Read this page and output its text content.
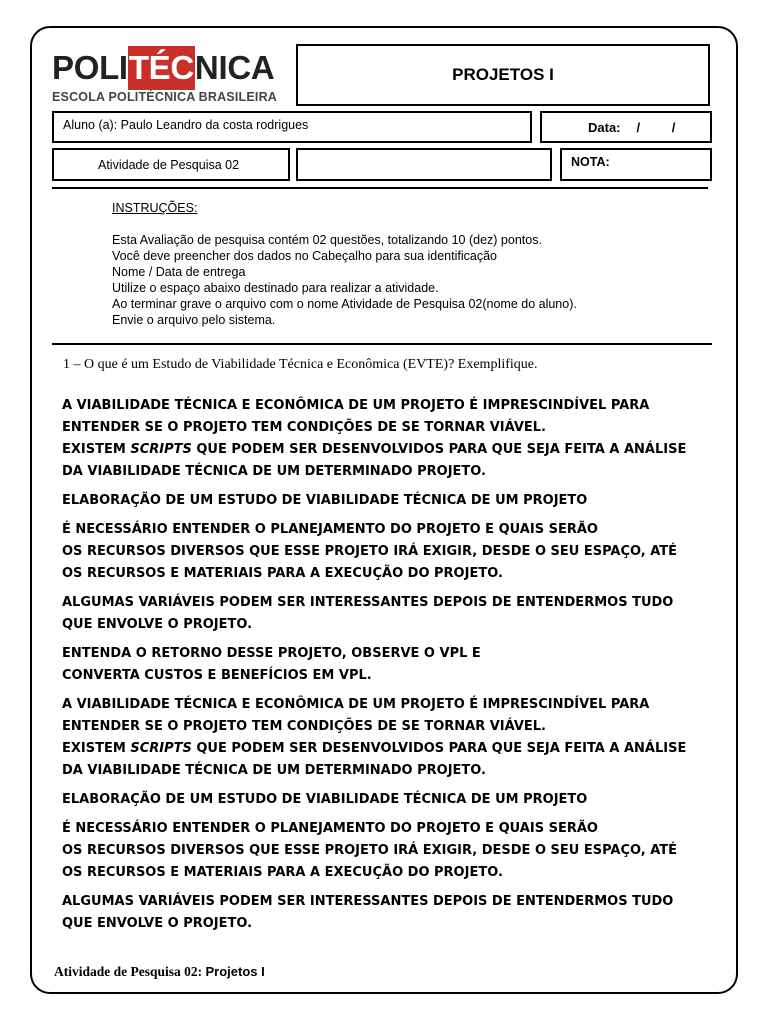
POLITÉCNICA
ESCOLA POLITÉCNICA BRASILEIRA
PROJETOS I
Aluno (a): Paulo Leandro da costa rodrigues	Data: / /
Atividade de Pesquisa 02	NOTA:
INSTRUÇÕES:
Esta Avaliação de pesquisa contém 02 questões, totalizando 10 (dez) pontos.
Você deve preencher dos dados no Cabeçalho para sua identificação
Nome / Data de entrega
Utilize o espaço abaixo destinado para realizar a atividade.
Ao terminar grave o arquivo com o nome Atividade de Pesquisa 02(nome do aluno).
Envie o arquivo pelo sistema.
1 – O que é um Estudo de Viabilidade Técnica e Econômica (EVTE)? Exemplifique.
A VIABILIDADE TÉCNICA E ECONÔMICA DE UM PROJETO É IMPRESCINDÍVEL PARA
ENTENDER SE O PROJETO TEM CONDIÇÕES DE SE TORNAR VIÁVEL.
EXISTEM SCRIPTS QUE PODEM SER DESENVOLVIDOS PARA QUE SEJA FEITA A ANÁLISE
DA VIABILIDADE TÉCNICA DE UM DETERMINADO PROJETO.
ELABORAÇÃO DE UM ESTUDO DE VIABILIDADE TÉCNICA DE UM PROJETO
É NECESSÁRIO ENTENDER O PLANEJAMENTO DO PROJETO E QUAIS SERÃO
OS RECURSOS DIVERSOS QUE ESSE PROJETO IRÁ EXIGIR, DESDE O SEU ESPAÇO, ATÉ
OS RECURSOS E MATERIAIS PARA A EXECUÇÃO DO PROJETO.
ALGUMAS VARIÁVEIS PODEM SER INTERESSANTES DEPOIS DE ENTENDERMOS TUDO
QUE ENVOLVE O PROJETO.
ENTENDA O RETORNO DESSE PROJETO, OBSERVE O VPL E
CONVERTA CUSTOS E BENEFÍCIOS EM VPL.
A VIABILIDADE TÉCNICA E ECONÔMICA DE UM PROJETO É IMPRESCINDÍVEL PARA
ENTENDER SE O PROJETO TEM CONDIÇÕES DE SE TORNAR VIÁVEL.
EXISTEM SCRIPTS QUE PODEM SER DESENVOLVIDOS PARA QUE SEJA FEITA A ANÁLISE
DA VIABILIDADE TÉCNICA DE UM DETERMINADO PROJETO.
ELABORAÇÃO DE UM ESTUDO DE VIABILIDADE TÉCNICA DE UM PROJETO
É NECESSÁRIO ENTENDER O PLANEJAMENTO DO PROJETO E QUAIS SERÃO
OS RECURSOS DIVERSOS QUE ESSE PROJETO IRÁ EXIGIR, DESDE O SEU ESPAÇO, ATÉ
OS RECURSOS E MATERIAIS PARA A EXECUÇÃO DO PROJETO.
ALGUMAS VARIÁVEIS PODEM SER INTERESSANTES DEPOIS DE ENTENDERMOS TUDO
QUE ENVOLVE O PROJETO.
Atividade de Pesquisa 02: Projetos I
